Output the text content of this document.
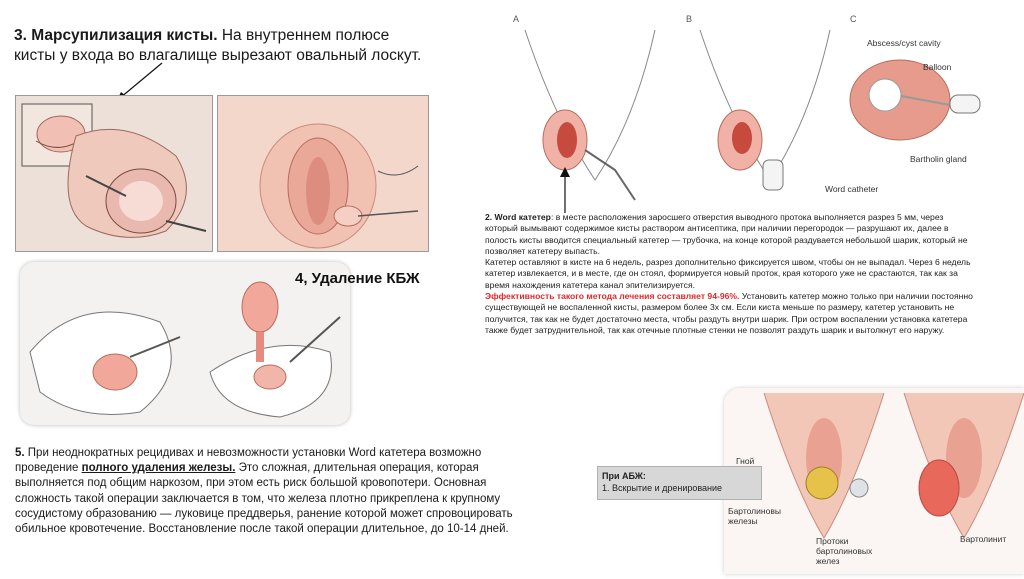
3. Марсупилизация кисты. На внутреннем полюсе кисты у входа во влагалище вырезают овальный лоскут.
4, Удаление КБЖ
A	B	C
Abscess/cyst cavity
Balloon
Bartholin gland
Word catheter

2. Word катетер: в месте расположения заросшего отверстия выводного протока выполняется разрез 5 мм, через который вымывают содержимое кисты раствором антисептика, при наличии перегородок — разрушают их, далее в полость кисты вводится специальный катетер — трубочка, на конце которой раздувается небольшой шарик, который не позволяет катетеру выпасть.

Катетер оставляют в кисте на 6 недель, разрез дополнительно фиксируется швом, чтобы он не выпадал. Через 6 недель катетер извлекается, и в месте, где он стоял, формируется новый проток, края которого уже не срастаются, так как за время нахождения катетера канал эпителизируется.

Эффективность такого метода лечения составляет 94-96%. Установить катетер можно только при наличии постоянно существующей не воспаленной кисты, размером более 3х см. Если киста меньше по размеру, катетер установить не получится, так как не будет достаточно места, чтобы раздуть внутри шарик. При остром воспалении установка катетера также будет затруднительной, так как отечные плотные стенки не позволят раздуть шарик и вытолкнут его наружу.

5. При неоднократных рецидивах и невозможности установки Word катетера возможно проведение полного удаления железы. Это сложная, длительная операция, которая выполняется под общим наркозом, при этом есть риск большой кровопотери. Основная сложность такой операции заключается в том, что железа плотно прикреплена к крупному сосудистому образованию — луковице преддверья, ранение которой может спровоцировать обильное кровотечение. Восстановление после такой операции длительное, до 10-14 дней.
Гной
Бартолиновы железы
Протоки бартолиновых желез
Бартолинит
При АБЖ:
1. Вскрытие и дренирование
